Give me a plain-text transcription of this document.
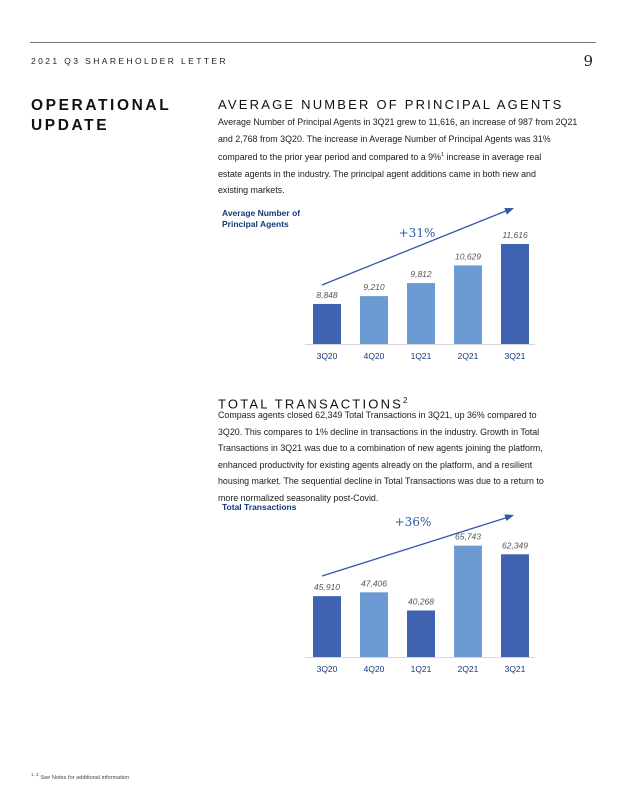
2021 Q3 SHAREHOLDER LETTER	9
OPERATIONAL
UPDATE
AVERAGE NUMBER OF PRINCIPAL AGENTS
Average Number of Principal Agents in 3Q21 grew to 11,616, an increase of 987 from 2Q21
and 2,768 from 3Q20. The increase in Average Number of Principal Agents was 31%
compared to the prior year period and compared to a 9%$^1$ increase in average real
estate agents in the industry. The principal agent additions came in both new and
existing markets.
Average Number of
Principal Agents
8,848
3Q20
9,210
4Q20
9,812
1Q21
10,629
2Q21
11,616
3Q21
+31%
TOTAL TRANSACTIONS$^2$
Compass agents closed 62,349 Total Transactions in 3Q21, up 36% compared to
3Q20. This compares to 1% decline in transactions in the industry. Growth in Total
Transactions in 3Q21 was due to a combination of new agents joining the platform,
enhanced productivity for existing agents already on the platform, and a resilient
housing market. The sequential decline in Total Transactions was due to a return to
more normalized seasonality post-Covid.
Total Transactions
45,910
3Q20
47,406
4Q20
40,268
1Q21
65,743
2Q21
62,349
3Q21
+36%
$^{1, 2}$ See Notes for additional information
